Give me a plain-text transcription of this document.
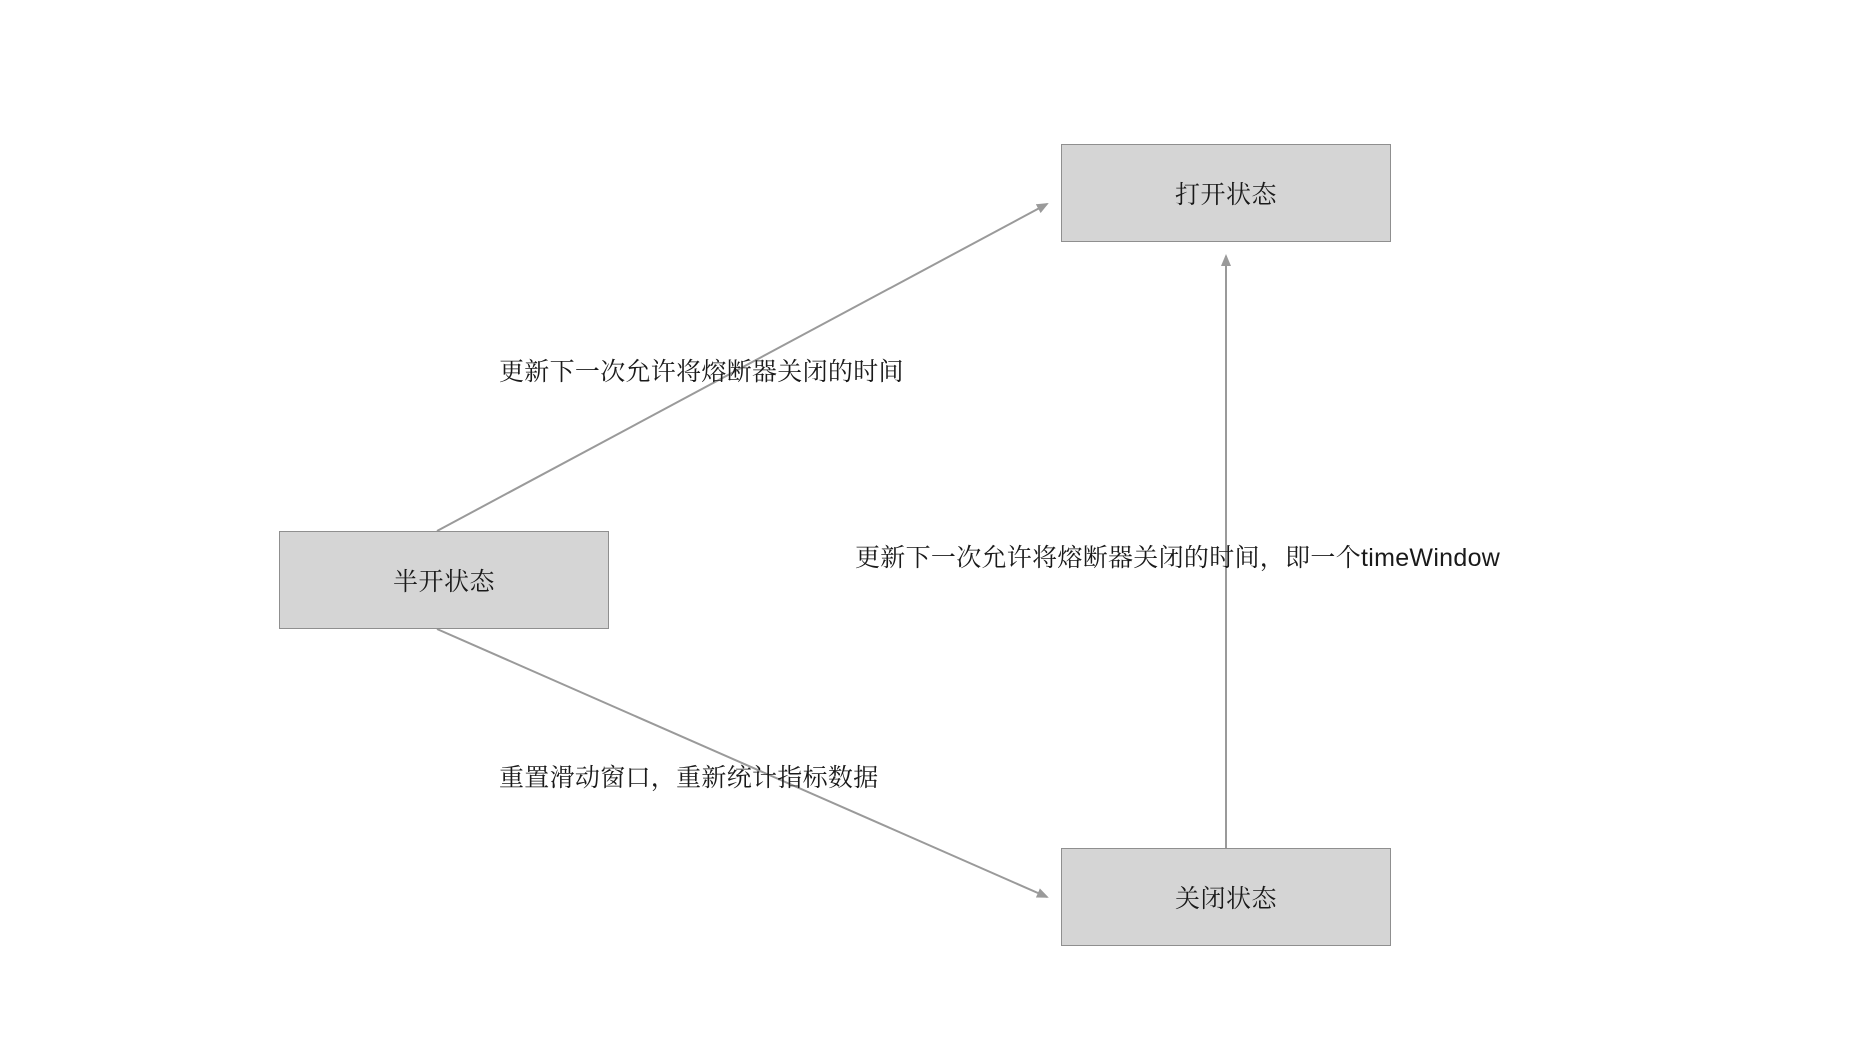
半开状态
打开状态
关闭状态
更新下一次允许将熔断器关闭的时间
重置滑动窗口，重新统计指标数据
更新下一次允许将熔断器关闭的时间，即一个timeWindow
